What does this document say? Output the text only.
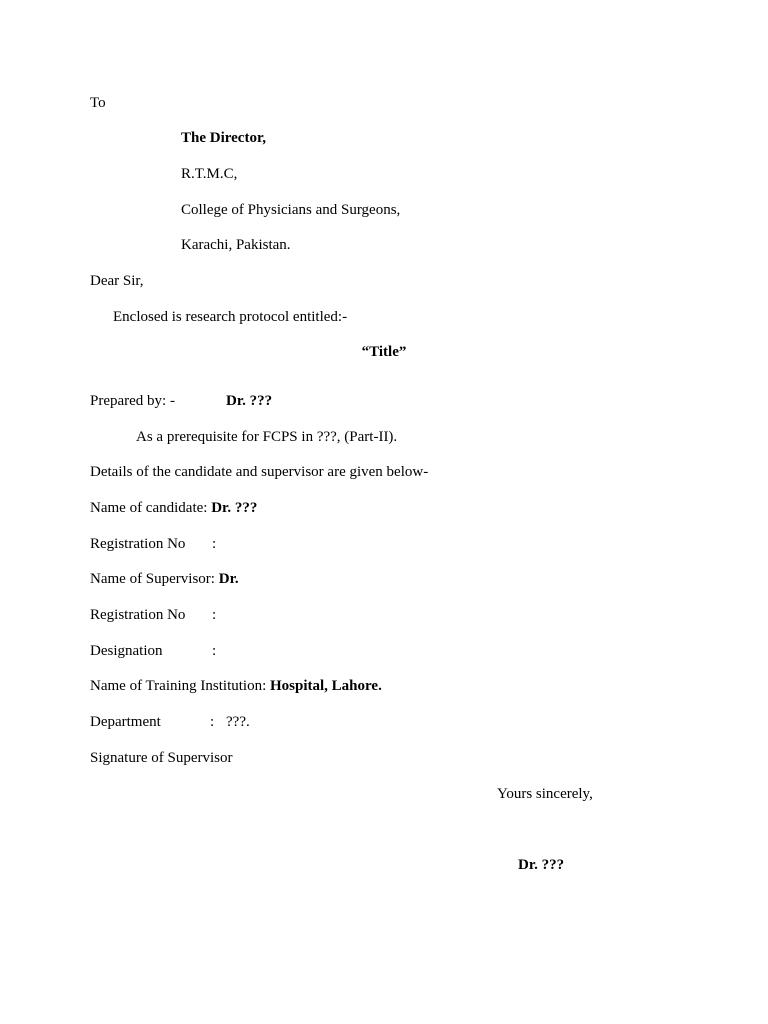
To
The Director,
R.T.M.C,
College of Physicians and Surgeons,
Karachi, Pakistan.
Dear Sir,
Enclosed is research protocol entitled:-
“Title”
Prepared by: -	Dr. ???
As a prerequisite for FCPS in ???, (Part-II).
Details of the candidate and supervisor are given below-
Name of candidate: Dr. ???
Registration No :
Name of Supervisor: Dr.
Registration No :
Designation	:
Name of Training Institution: Hospital, Lahore.
Department	: ???.
Signature of Supervisor
Yours sincerely,
Dr. ???
